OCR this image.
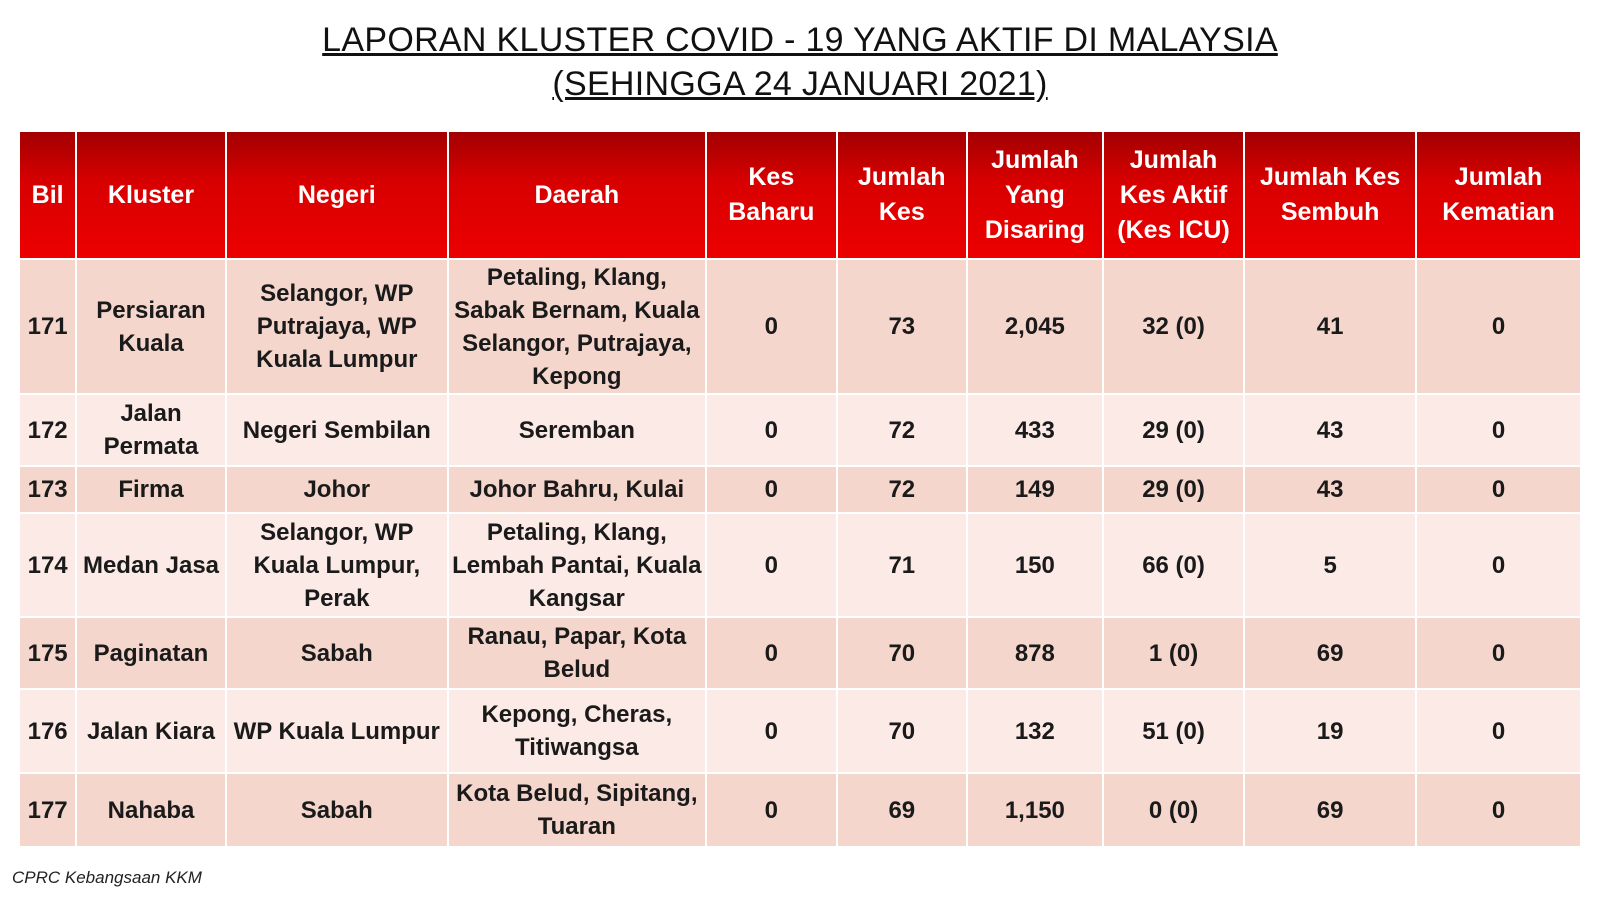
LAPORAN KLUSTER COVID - 19 YANG AKTIF DI MALAYSIA
(SEHINGGA 24 JANUARI 2021)
Bil	Kluster	Negeri	Daerah	Kes Baharu	Jumlah Kes	Jumlah Yang Disaring	Jumlah Kes Aktif (Kes ICU)	Jumlah Kes Sembuh	Jumlah Kematian
171	Persiaran Kuala	Selangor, WP Putrajaya, WP Kuala Lumpur	Petaling, Klang, Sabak Bernam, Kuala Selangor, Putrajaya, Kepong	0	73	2,045	32 (0)	41	0
172	Jalan Permata	Negeri Sembilan	Seremban	0	72	433	29 (0)	43	0
173	Firma	Johor	Johor Bahru, Kulai	0	72	149	29 (0)	43	0
174	Medan Jasa	Selangor, WP Kuala Lumpur, Perak	Petaling, Klang, Lembah Pantai, Kuala Kangsar	0	71	150	66 (0)	5	0
175	Paginatan	Sabah	Ranau, Papar, Kota Belud	0	70	878	1 (0)	69	0
176	Jalan Kiara	WP Kuala Lumpur	Kepong, Cheras, Titiwangsa	0	70	132	51 (0)	19	0
177	Nahaba	Sabah	Kota Belud, Sipitang, Tuaran	0	69	1,150	0 (0)	69	0
CPRC Kebangsaan KKM
